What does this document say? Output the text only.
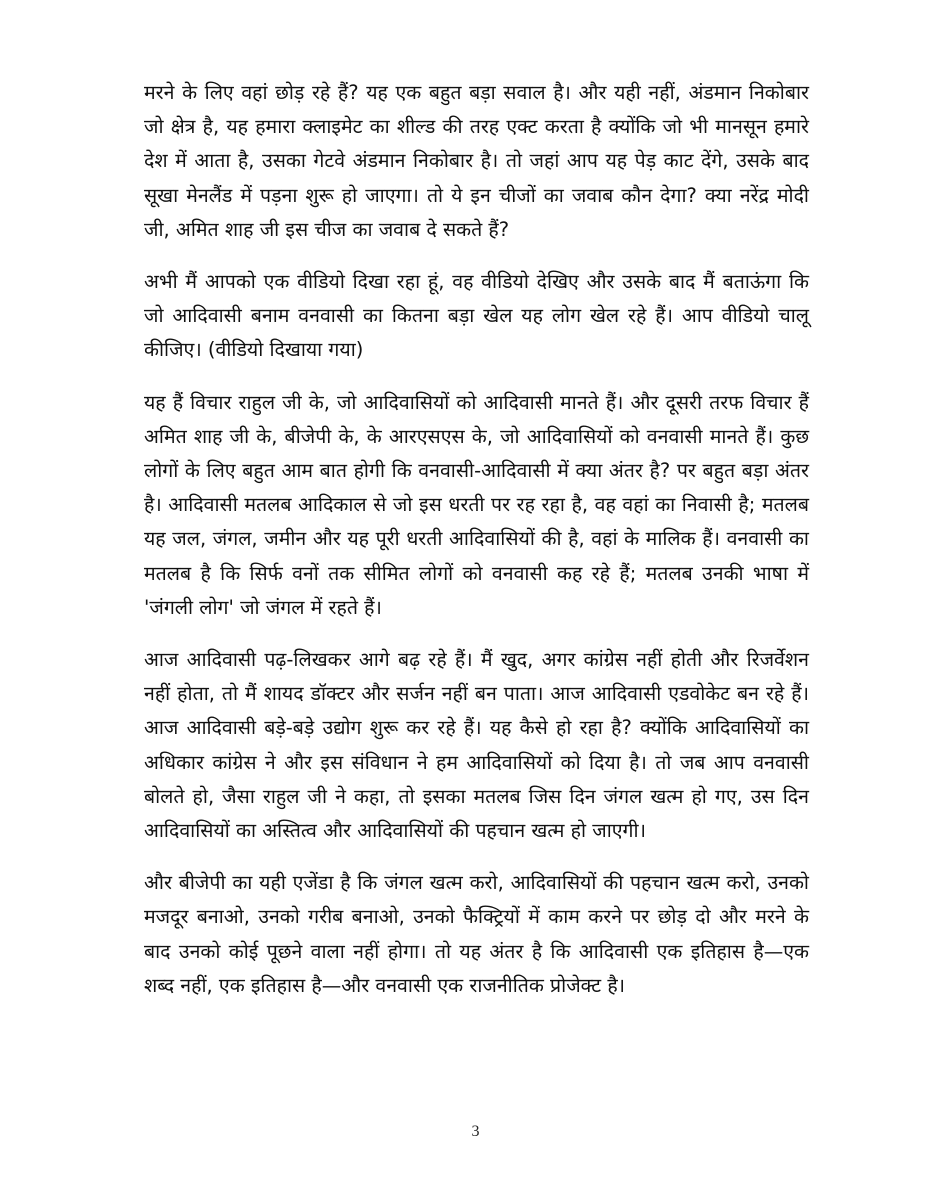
मरने के लिए वहां छोड़ रहे हैं? यह एक बहुत बड़ा सवाल है। और यही नहीं, अंडमान निकोबार जो क्षेत्र है, यह हमारा क्लाइमेट का शील्ड की तरह एक्ट करता है क्योंकि जो भी मानसून हमारे देश में आता है, उसका गेटवे अंडमान निकोबार है। तो जहां आप यह पेड़ काट देंगे, उसके बाद सूखा मेनलैंड में पड़ना शुरू हो जाएगा। तो ये इन चीजों का जवाब कौन देगा? क्या नरेंद्र मोदी जी, अमित शाह जी इस चीज का जवाब दे सकते हैं?

अभी मैं आपको एक वीडियो दिखा रहा हूं, वह वीडियो देखिए और उसके बाद मैं बताऊंगा कि जो आदिवासी बनाम वनवासी का कितना बड़ा खेल यह लोग खेल रहे हैं। आप वीडियो चालू कीजिए। (वीडियो दिखाया गया)

यह हैं विचार राहुल जी के, जो आदिवासियों को आदिवासी मानते हैं। और दूसरी तरफ विचार हैं अमित शाह जी के, बीजेपी के, के आरएसएस के, जो आदिवासियों को वनवासी मानते हैं। कुछ लोगों के लिए बहुत आम बात होगी कि वनवासी-आदिवासी में क्या अंतर है? पर बहुत बड़ा अंतर है। आदिवासी मतलब आदिकाल से जो इस धरती पर रह रहा है, वह वहां का निवासी है; मतलब यह जल, जंगल, जमीन और यह पूरी धरती आदिवासियों की है, वहां के मालिक हैं। वनवासी का मतलब है कि सिर्फ वनों तक सीमित लोगों को वनवासी कह रहे हैं; मतलब उनकी भाषा में 'जंगली लोग' जो जंगल में रहते हैं।

आज आदिवासी पढ़-लिखकर आगे बढ़ रहे हैं। मैं खुद, अगर कांग्रेस नहीं होती और रिजर्वेशन नहीं होता, तो मैं शायद डॉक्टर और सर्जन नहीं बन पाता। आज आदिवासी एडवोकेट बन रहे हैं। आज आदिवासी बड़े-बड़े उद्योग शुरू कर रहे हैं। यह कैसे हो रहा है? क्योंकि आदिवासियों का अधिकार कांग्रेस ने और इस संविधान ने हम आदिवासियों को दिया है। तो जब आप वनवासी बोलते हो, जैसा राहुल जी ने कहा, तो इसका मतलब जिस दिन जंगल खत्म हो गए, उस दिन आदिवासियों का अस्तित्व और आदिवासियों की पहचान खत्म हो जाएगी।

और बीजेपी का यही एजेंडा है कि जंगल खत्म करो, आदिवासियों की पहचान खत्म करो, उनको मजदूर बनाओ, उनको गरीब बनाओ, उनको फैक्ट्रियों में काम करने पर छोड़ दो और मरने के बाद उनको कोई पूछने वाला नहीं होगा। तो यह अंतर है कि आदिवासी एक इतिहास है—एक शब्द नहीं, एक इतिहास है—और वनवासी एक राजनीतिक प्रोजेक्ट है।

3
